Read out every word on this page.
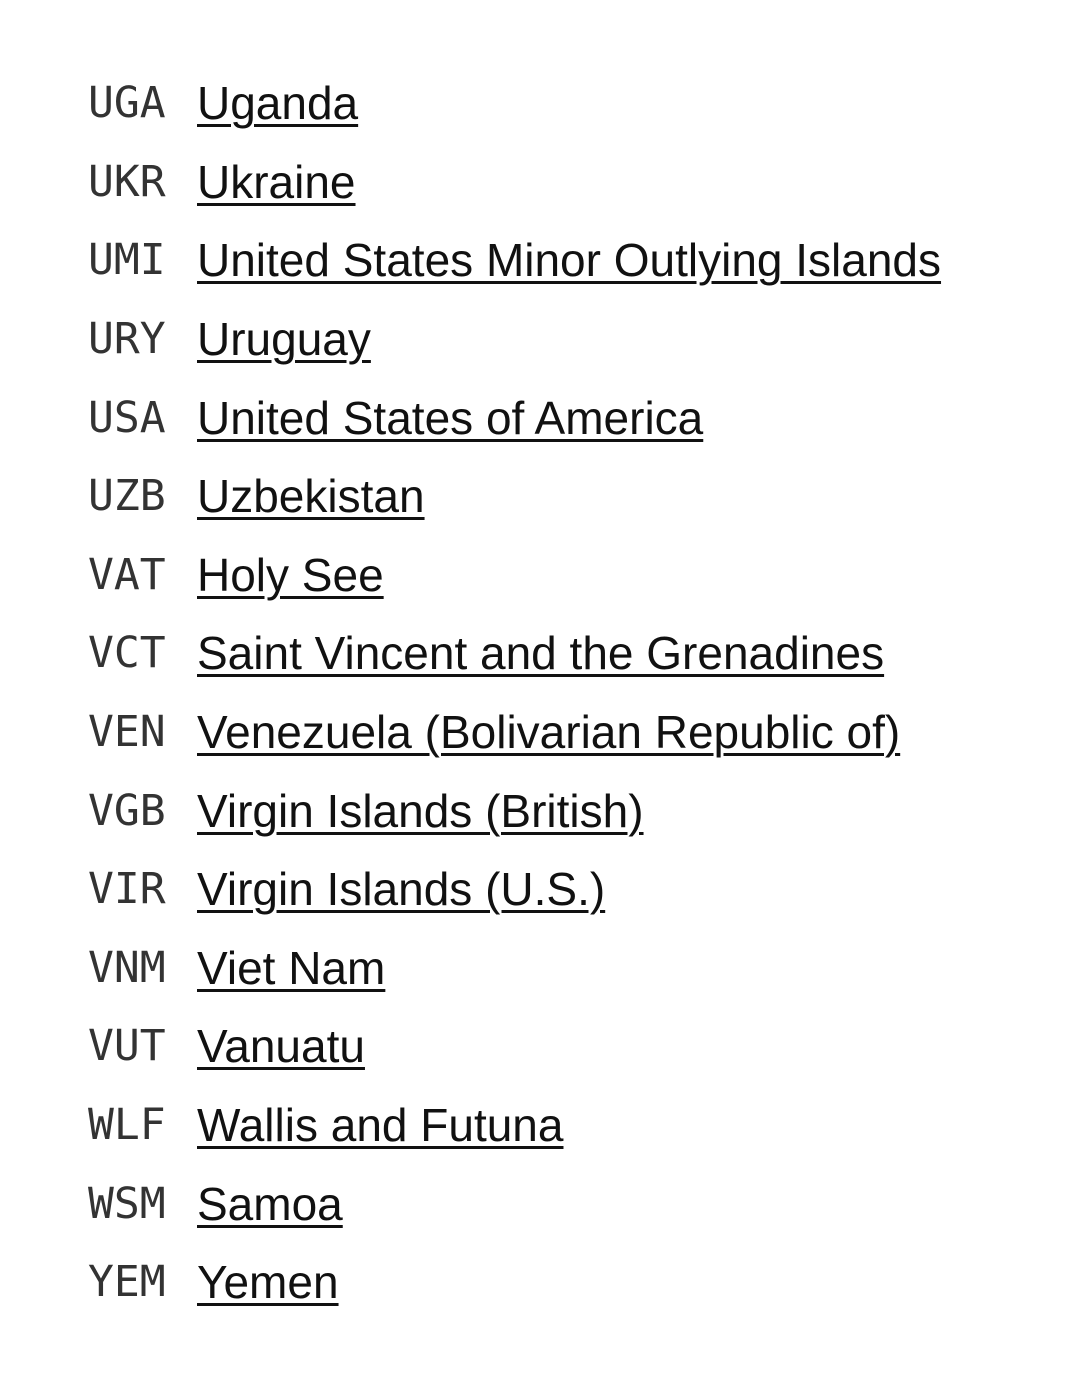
UGA Uganda
UKR Ukraine
UMI United States Minor Outlying Islands
URY Uruguay
USA United States of America
UZB Uzbekistan
VAT Holy See
VCT Saint Vincent and the Grenadines
VEN Venezuela (Bolivarian Republic of)
VGB Virgin Islands (British)
VIR Virgin Islands (U.S.)
VNM Viet Nam
VUT Vanuatu
WLF Wallis and Futuna
WSM Samoa
YEM Yemen
